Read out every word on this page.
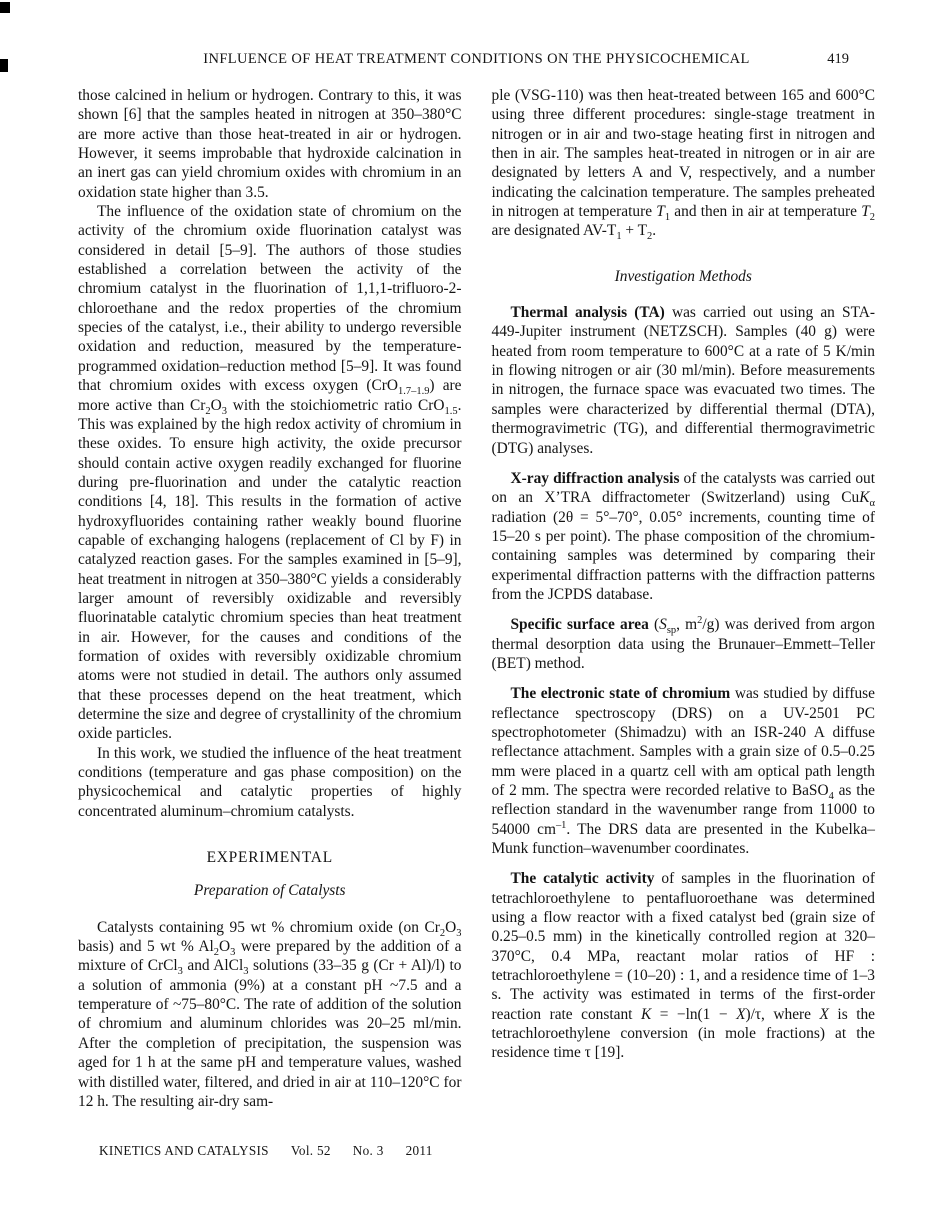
INFLUENCE OF HEAT TREATMENT CONDITIONS ON THE PHYSICOCHEMICAL	419

those calcined in helium or hydrogen. Contrary to this, it was shown [6] that the samples heated in nitrogen at 350–380°C are more active than those heat-treated in air or hydrogen. However, it seems improbable that hydroxide calcination in an inert gas can yield chromium oxides with chromium in an oxidation state higher than 3.5.

The influence of the oxidation state of chromium on the activity of the chromium oxide fluorination catalyst was considered in detail [5–9]. The authors of those studies established a correlation between the activity of the chromium catalyst in the fluorination of 1,1,1-trifluoro-2-chloroethane and the redox properties of the chromium species of the catalyst, i.e., their ability to undergo reversible oxidation and reduction, measured by the temperature-programmed oxidation–reduction method [5–9]. It was found that chromium oxides with excess oxygen (CrO$_{1.7-1.9}$) are more active than $Cr_2O_3$ with the stoichiometric ratio CrO$_{1.5}$. This was explained by the high redox activity of chromium in these oxides. To ensure high activity, the oxide precursor should contain active oxygen readily exchanged for fluorine during pre-fluorination and under the catalytic reaction conditions [4, 18]. This results in the formation of active hydroxyfluorides containing rather weakly bound fluorine capable of exchanging halogens (replacement of Cl by F) in catalyzed reaction gases. For the samples examined in [5–9], heat treatment in nitrogen at 350–380°C yields a considerably larger amount of reversibly oxidizable and reversibly fluorinatable catalytic chromium species than heat treatment in air. However, for the causes and conditions of the formation of oxides with reversibly oxidizable chromium atoms were not studied in detail. The authors only assumed that these processes depend on the heat treatment, which determine the size and degree of crystallinity of the chromium oxide particles.

In this work, we studied the influence of the heat treatment conditions (temperature and gas phase composition) on the physicochemical and catalytic properties of highly concentrated aluminum–chromium catalysts.

EXPERIMENTAL
Preparation of Catalysts

Catalysts containing 95 wt % chromium oxide (on $Cr_2O_3$ basis) and 5 wt % $Al_2O_3$ were prepared by the addition of a mixture of CrCl$_3$ and AlCl$_3$ solutions (33–35 g (Cr + Al)/l) to a solution of ammonia (9%) at a constant pH ~7.5 and a temperature of ~75–80°C. The rate of addition of the solution of chromium and aluminum chlorides was 20–25 ml/min. After the completion of precipitation, the suspension was aged for 1 h at the same pH and temperature values, washed with distilled water, filtered, and dried in air at 110–120°C for 12 h. The resulting air-dry sam-

ple (VSG-110) was then heat-treated between 165 and 600°C using three different procedures: single-stage treatment in nitrogen or in air and two-stage heating first in nitrogen and then in air. The samples heat-treated in nitrogen or in air are designated by letters A and V, respectively, and a number indicating the calcination temperature. The samples preheated in nitrogen at temperature $T_1$ and then in air at temperature $T_2$ are designated $AV-T_1 + T_2$.

Investigation Methods

Thermal analysis (TA) was carried out using an STA-449-Jupiter instrument (NETZSCH). Samples (40 g) were heated from room temperature to 600°C at a rate of 5 K/min in flowing nitrogen or air (30 ml/min). Before measurements in nitrogen, the furnace space was evacuated two times. The samples were characterized by differential thermal (DTA), thermogravimetric (TG), and differential thermogravimetric (DTG) analyses.

X-ray diffraction analysis of the catalysts was carried out on an X’TRA diffractometer (Switzerland) using CuK$_\alpha$ radiation (2θ = 5°–70°, 0.05° increments, counting time of 15–20 s per point). The phase composition of the chromium-containing samples was determined by comparing their experimental diffraction patterns with the diffraction patterns from the JCPDS database.

Specific surface area ($S_{sp}$, $m^2/g$) was derived from argon thermal desorption data using the Brunauer–Emmett–Teller (BET) method.

The electronic state of chromium was studied by diffuse reflectance spectroscopy (DRS) on a UV-2501 PC spectrophotometer (Shimadzu) with an ISR-240 A diffuse reflectance attachment. Samples with a grain size of 0.5–0.25 mm were placed in a quartz cell with am optical path length of 2 mm. The spectra were recorded relative to BaSO$_4$ as the reflection standard in the wavenumber range from 11000 to 54000 $cm^{-1}$. The DRS data are presented in the Kubelka–Munk function–wavenumber coordinates.

The catalytic activity of samples in the fluorination of tetrachloroethylene to pentafluoroethane was determined using a flow reactor with a fixed catalyst bed (grain size of 0.25–0.5 mm) in the kinetically controlled region at 320–370°C, 0.4 MPa, reactant molar ratios of HF : tetrachloroethylene = (10–20) : 1, and a residence time of 1–3 s. The activity was estimated in terms of the first-order reaction rate constant K = −ln(1 − X)/τ, where X is the tetrachloroethylene conversion (in mole fractions) at the residence time τ [19].

KINETICS AND CATALYSIS Vol. 52 No. 3 2011
